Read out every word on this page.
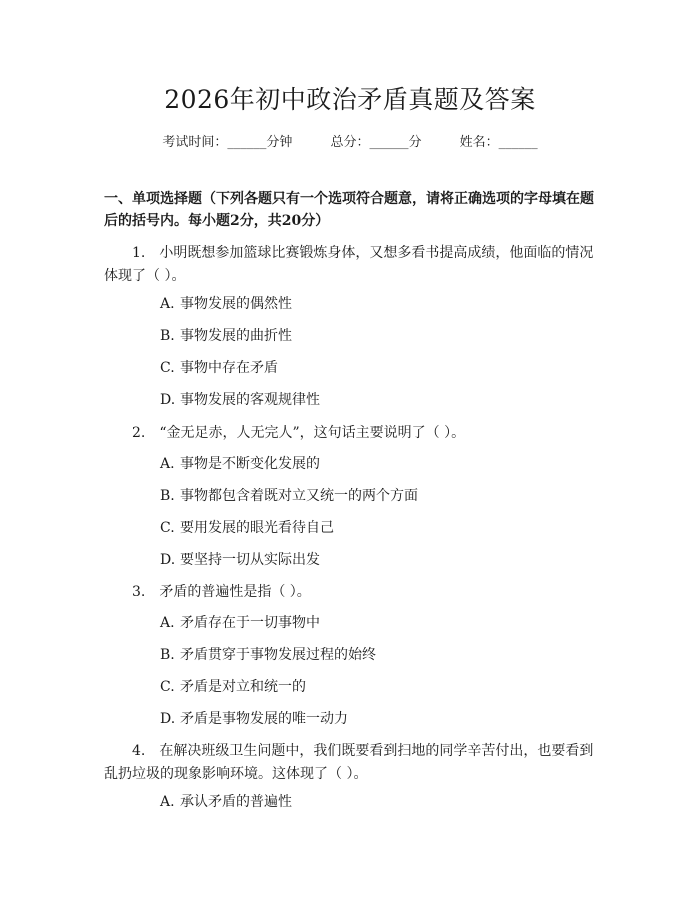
2026年初中政治矛盾真题及答案
考试时间：______分钟	总分：______分	姓名：______

一、单项选择题（下列各题只有一个选项符合题意，请将正确选项的字母填在题后的括号内。每小题2分，共20分）

1.　小明既想参加篮球比赛锻炼身体，又想多看书提高成绩，他面临的情况体现了（ ）。
A. 事物发展的偶然性
B. 事物发展的曲折性
C. 事物中存在矛盾
D. 事物发展的客观规律性
2.　“金无足赤，人无完人”，这句话主要说明了（ ）。
A. 事物是不断变化发展的
B. 事物都包含着既对立又统一的两个方面
C. 要用发展的眼光看待自己
D. 要坚持一切从实际出发
3.　矛盾的普遍性是指（ ）。
A. 矛盾存在于一切事物中
B. 矛盾贯穿于事物发展过程的始终
C. 矛盾是对立和统一的
D. 矛盾是事物发展的唯一动力
4.　在解决班级卫生问题中，我们既要看到扫地的同学辛苦付出，也要看到乱扔垃圾的现象影响环境。这体现了（ ）。
A. 承认矛盾的普遍性
